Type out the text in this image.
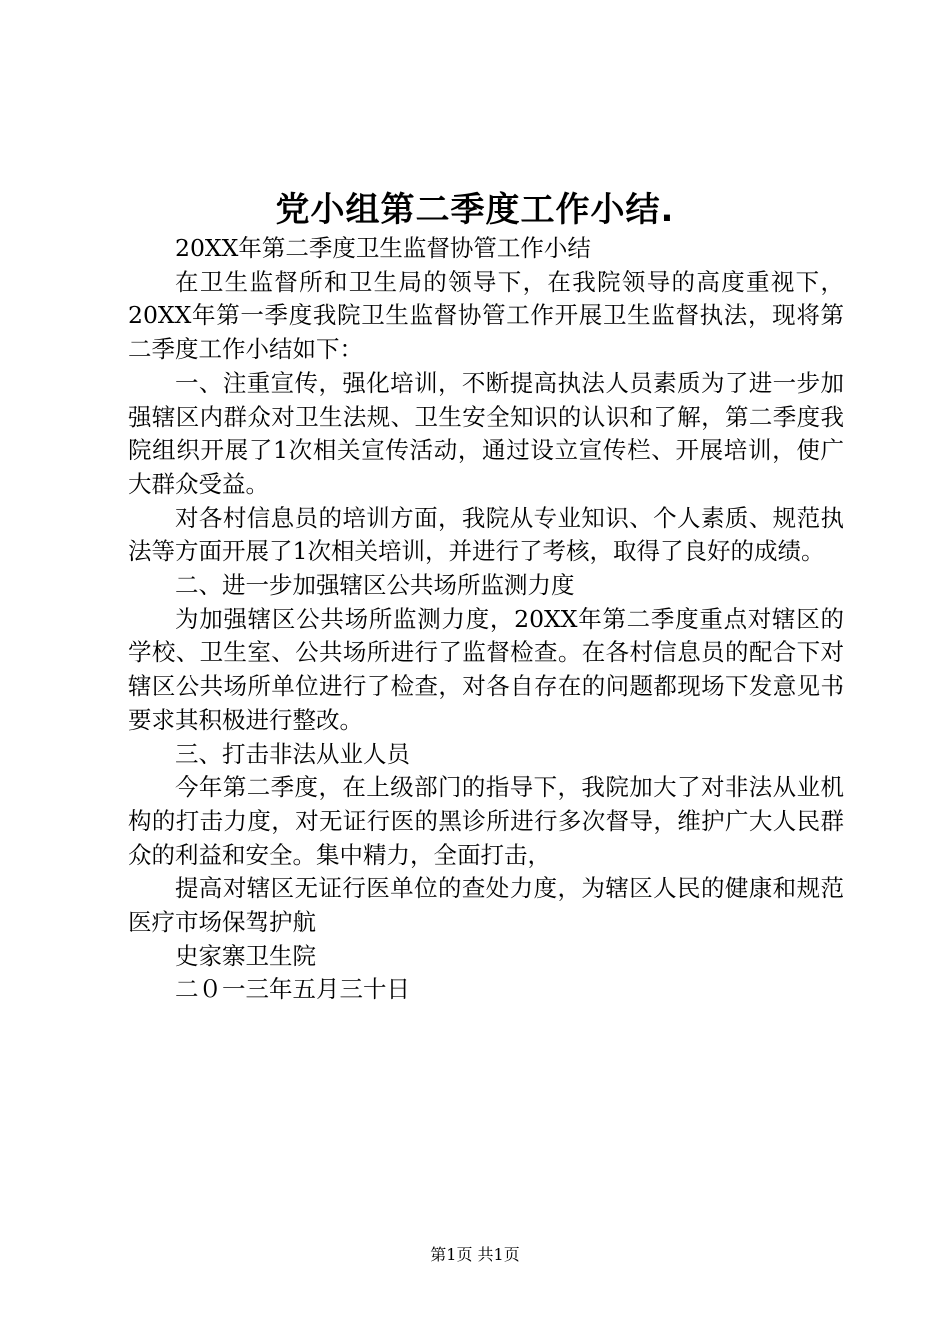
党小组第二季度工作小结.

20XX年第二季度卫生监督协管工作小结

在卫生监督所和卫生局的领导下，在我院领导的高度重视下，20XX年第一季度我院卫生监督协管工作开展卫生监督执法，现将第二季度工作小结如下：

一、注重宣传，强化培训，不断提高执法人员素质为了进一步加强辖区内群众对卫生法规、卫生安全知识的认识和了解，第二季度我院组织开展了1次相关宣传活动，通过设立宣传栏、开展培训，使广大群众受益。

对各村信息员的培训方面，我院从专业知识、个人素质、规范执法等方面开展了1次相关培训，并进行了考核，取得了良好的成绩。

二、进一步加强辖区公共场所监测力度

为加强辖区公共场所监测力度，20XX年第二季度重点对辖区的学校、卫生室、公共场所进行了监督检查。在各村信息员的配合下对辖区公共场所单位进行了检查，对各自存在的问题都现场下发意见书要求其积极进行整改。

三、打击非法从业人员

今年第二季度，在上级部门的指导下，我院加大了对非法从业机构的打击力度，对无证行医的黑诊所进行多次督导，维护广大人民群众的利益和安全。集中精力，全面打击，

提高对辖区无证行医单位的查处力度，为辖区人民的健康和规范医疗市场保驾护航

史家寨卫生院

二０一三年五月三十日

第1页 共1页
